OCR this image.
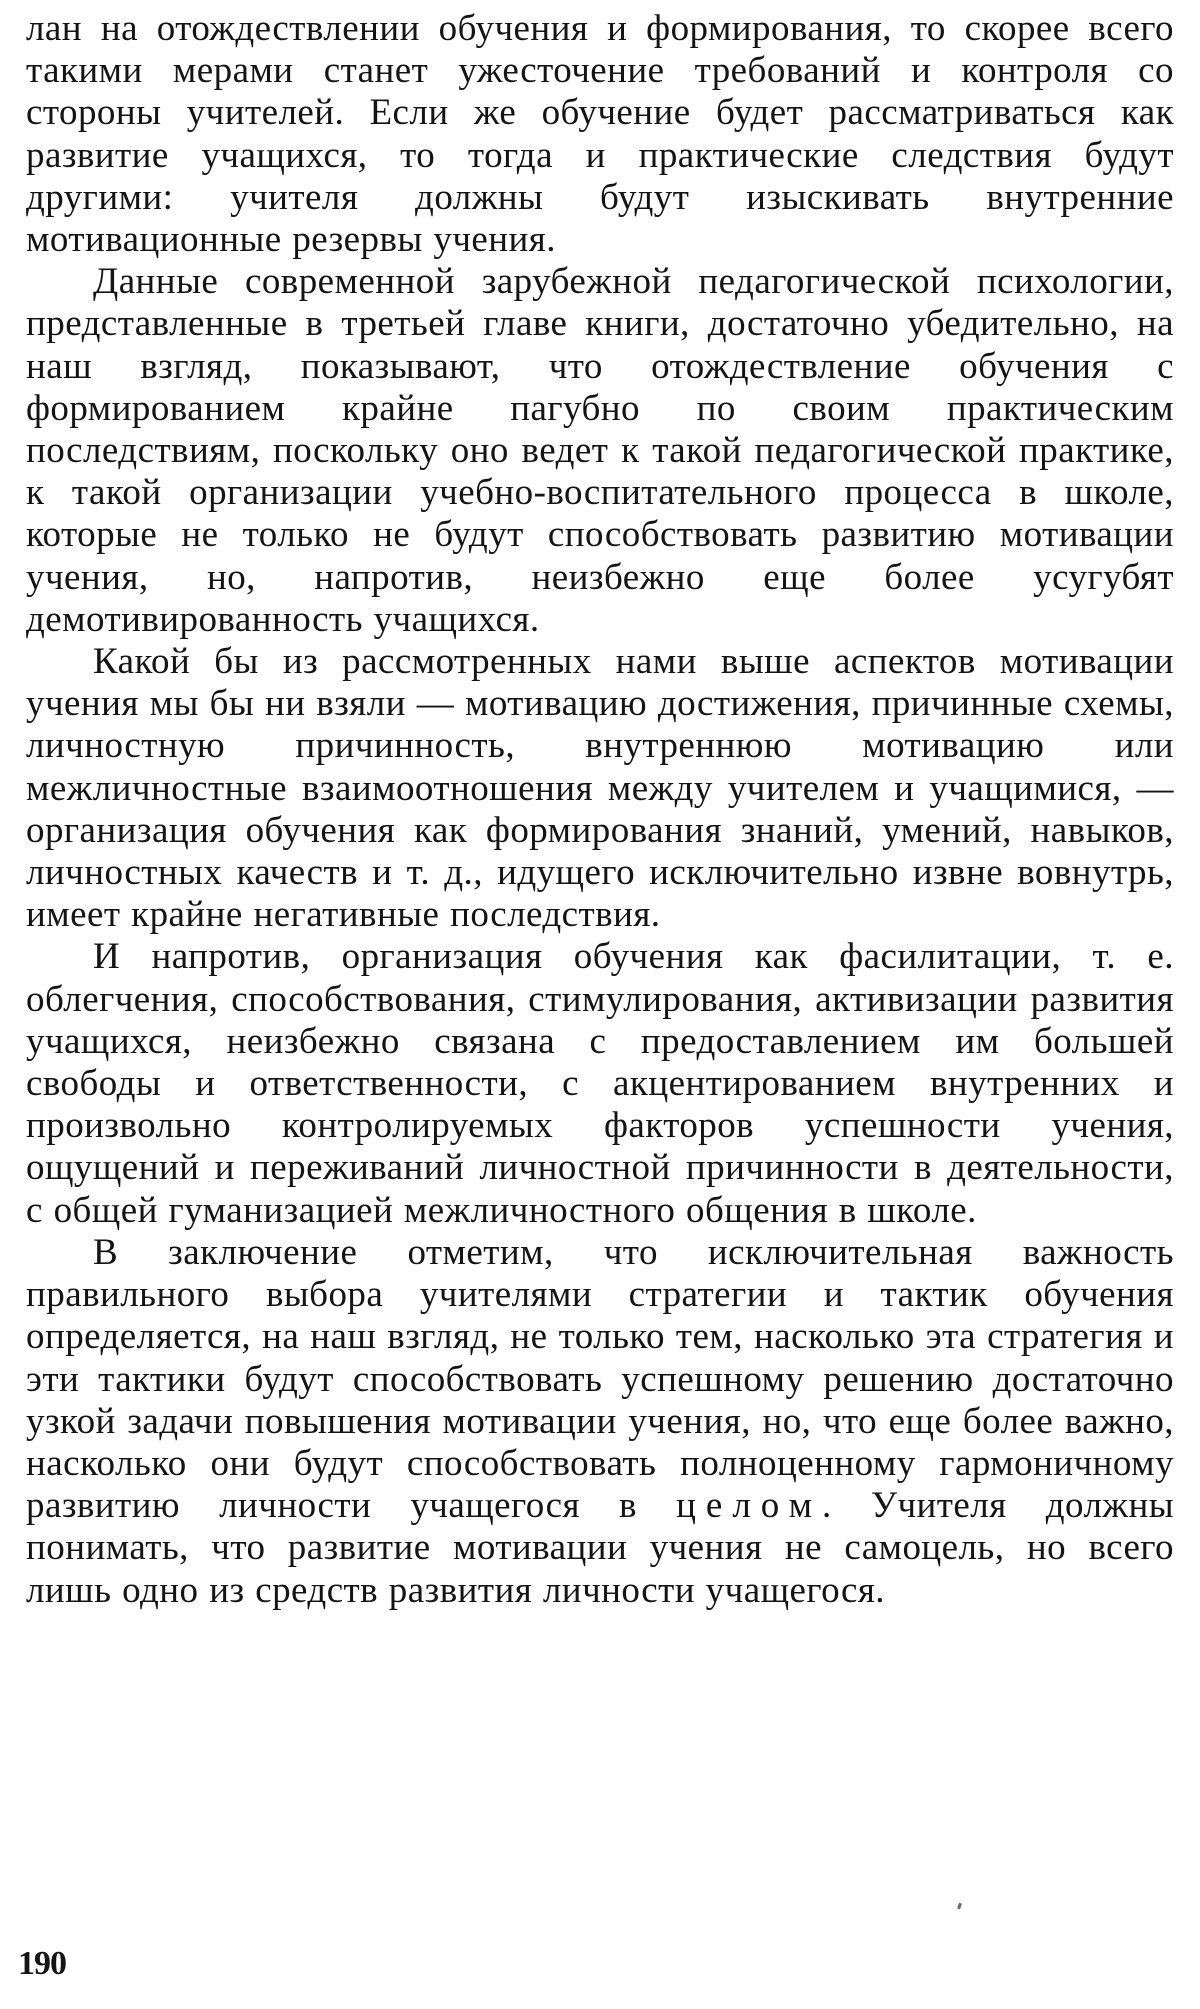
лан на отождествлении обучения и формирования, то скорее всего такими мерами станет ужесточение требований и контроля со стороны учителей. Если же обучение будет рассматриваться как развитие учащихся, то тогда и практические следствия будут другими: учителя должны будут изыскивать внутренние мотивационные резервы учения.

Данные современной зарубежной педагогической психологии, представленные в третьей главе книги, достаточно убедительно, на наш взгляд, показывают, что отождествление обучения с формированием крайне пагубно по своим практическим последствиям, поскольку оно ведет к такой педагогической практике, к такой организации учебно-воспитательного процесса в школе, которые не только не будут способствовать развитию мотивации учения, но, напротив, неизбежно еще более усугубят демотивированность учащихся.

Какой бы из рассмотренных нами выше аспектов мотивации учения мы бы ни взяли — мотивацию достижения, причинные схемы, личностную причинность, внутреннюю мотивацию или межличностные взаимоотношения между учителем и учащимися, — организация обучения как формирования знаний, умений, навыков, личностных качеств и т. д., идущего исключительно извне вовнутрь, имеет крайне негативные последствия.

И напротив, организация обучения как фасилитации, т. е. облегчения, способствования, стимулирования, активизации развития учащихся, неизбежно связана с предоставлением им большей свободы и ответственности, с акцентированием внутренних и произвольно контролируемых факторов успешности учения, ощущений и переживаний личностной причинности в деятельности, с общей гуманизацией межличностного общения в школе.

В заключение отметим, что исключительная важность правильного выбора учителями стратегии и тактик обучения определяется, на наш взгляд, не только тем, насколько эта стратегия и эти тактики будут способствовать успешному решению достаточно узкой задачи повышения мотивации учения, но, что еще более важно, насколько они будут способствовать полноценному гармоничному развитию личности учащегося в целом. Учителя должны понимать, что развитие мотивации учения не самоцель, но всего лишь одно из средств развития личности учащегося.

190
